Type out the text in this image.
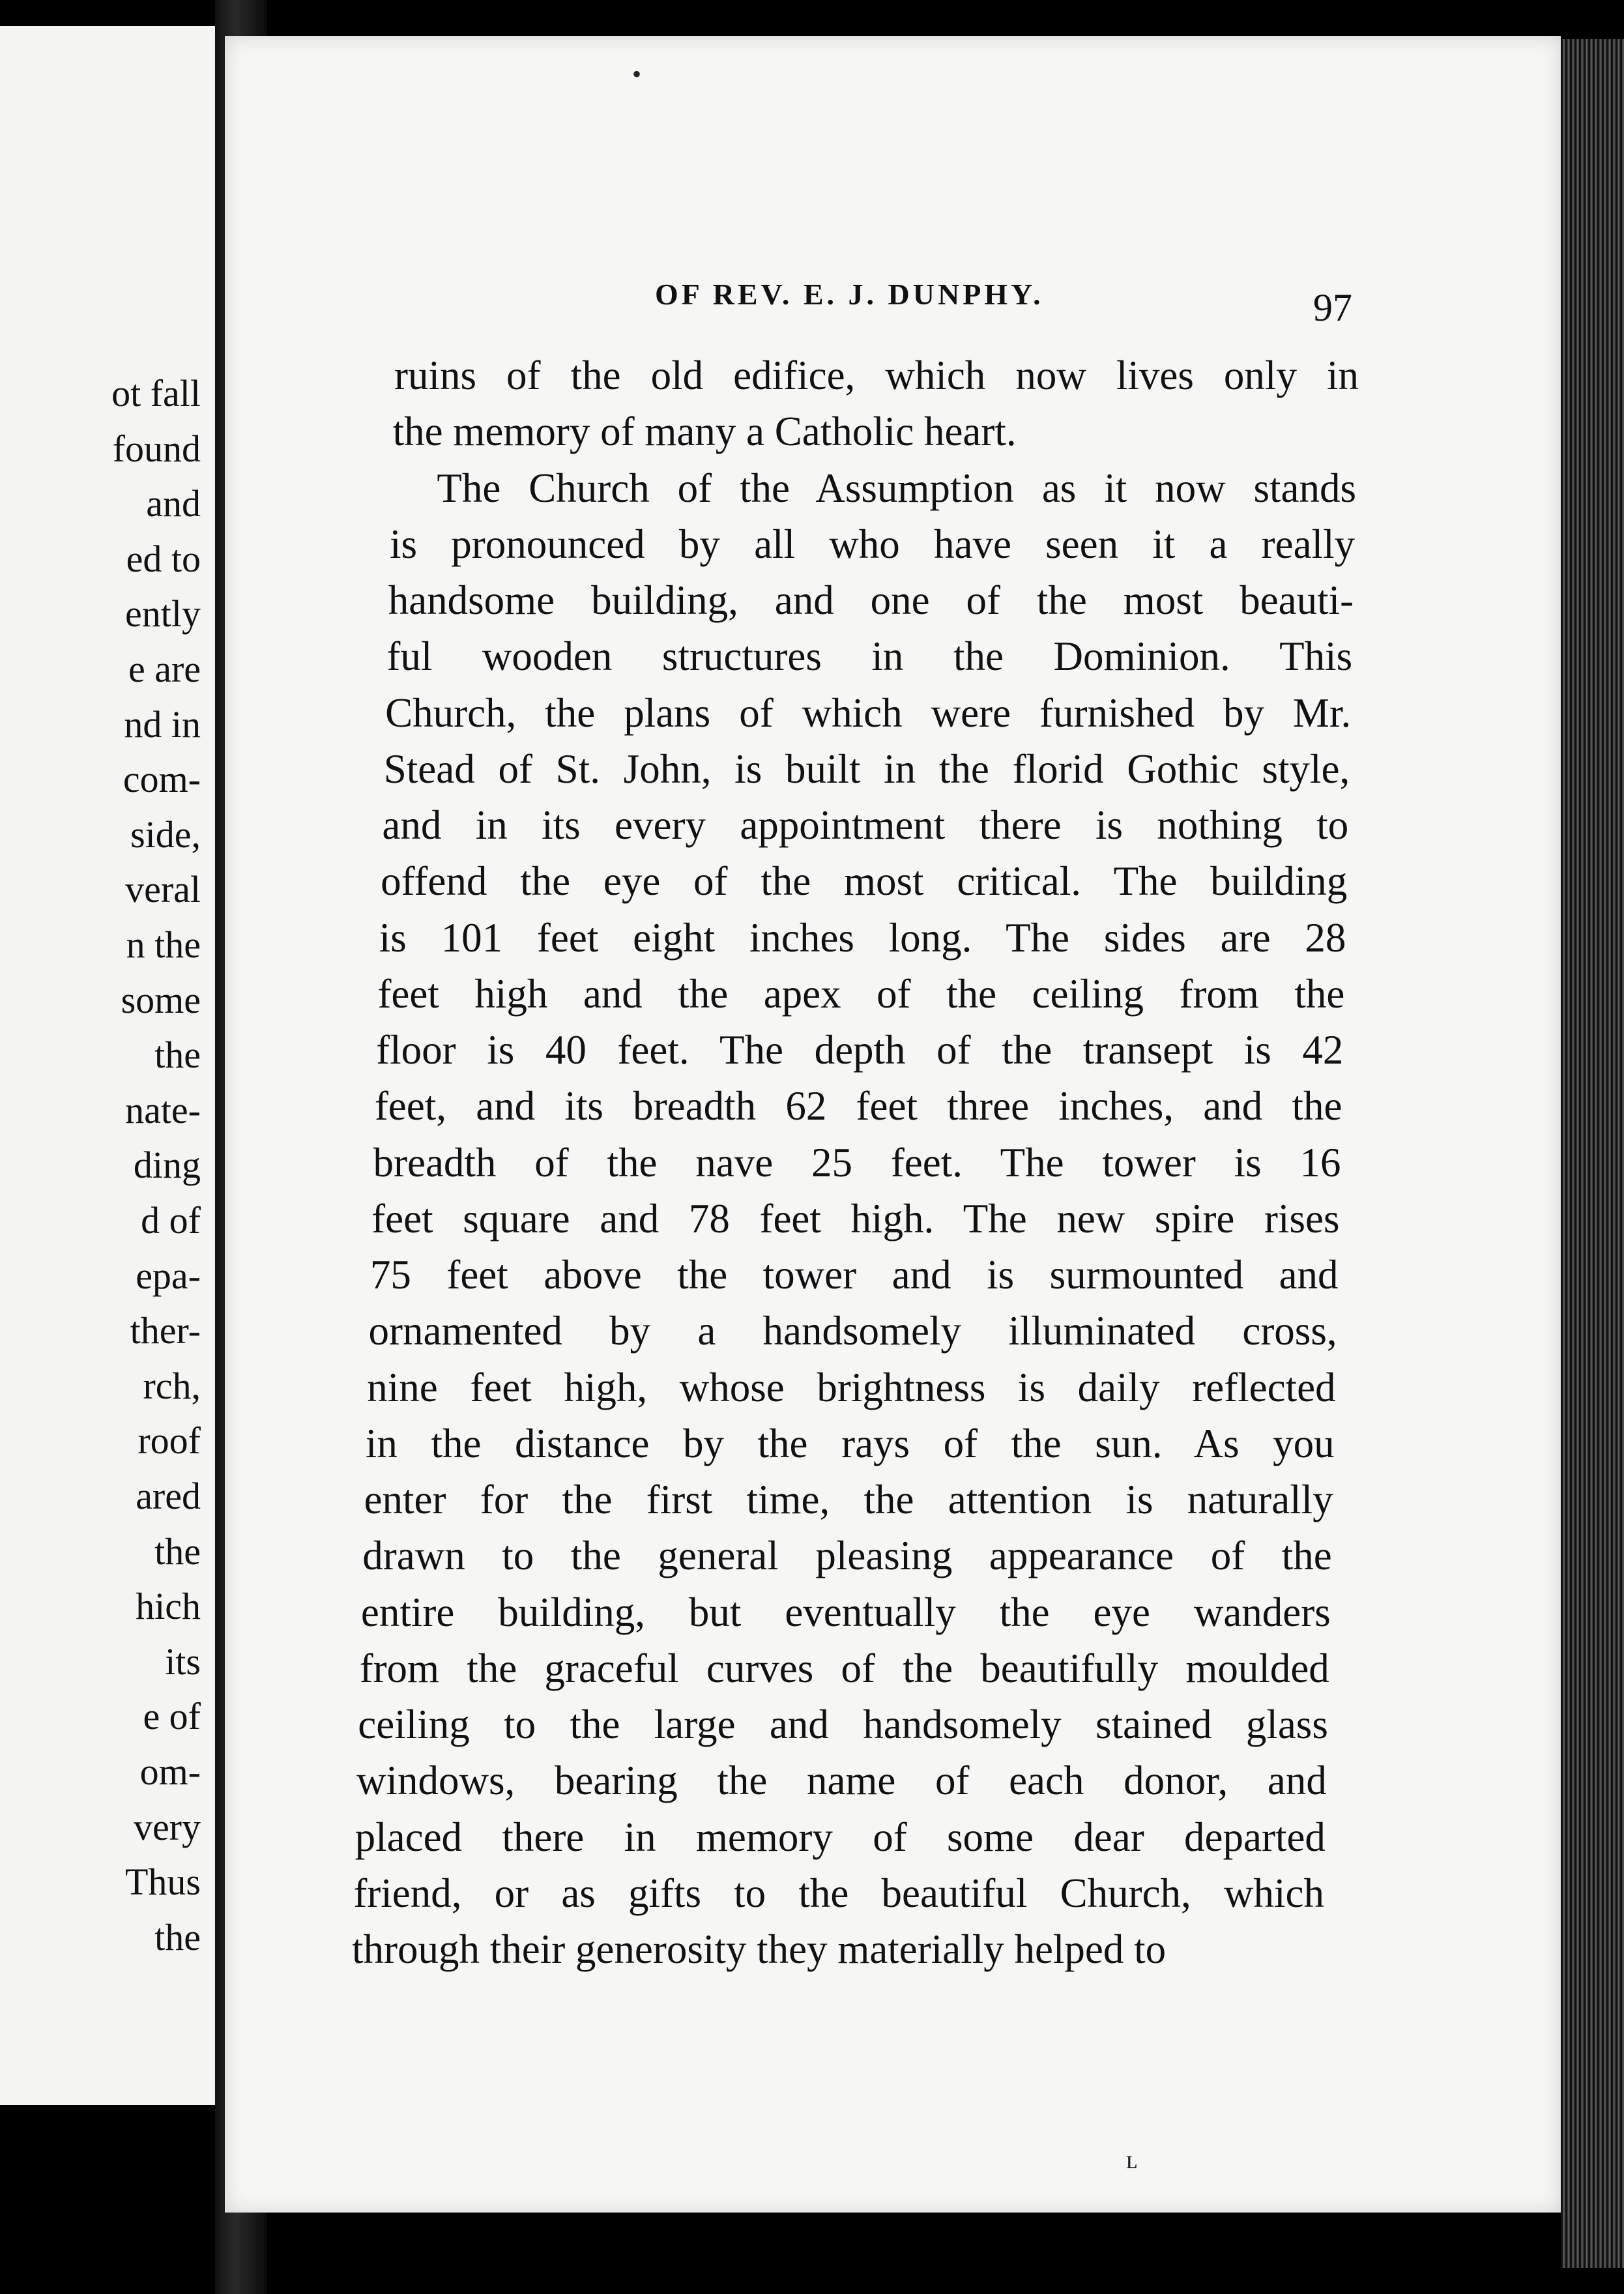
ot fall
found
and
ed to
ently
e are
nd in
com-
side,
veral
n the
some
the
nate-
ding
d of
epa-
ther-
rch,
roof
ared
the
hich
its
e of
om-
very
Thus
the
OF REV. E. J. DUNPHY.	97
ruins of the old edifice, which now lives only in
the memory of many a Catholic heart.
The Church of the Assumption as it now stands
is pronounced by all who have seen it a really
handsome building, and one of the most beauti-
ful wooden structures in the Dominion. This
Church, the plans of which were furnished by Mr.
Stead of St. John, is built in the florid Gothic style,
and in its every appointment there is nothing to
offend the eye of the most critical. The building
is 101 feet eight inches long. The sides are 28
feet high and the apex of the ceiling from the
floor is 40 feet. The depth of the transept is 42
feet, and its breadth 62 feet three inches, and the
breadth of the nave 25 feet. The tower is 16
feet square and 78 feet high. The new spire rises
75 feet above the tower and is surmounted and
ornamented by a handsomely illuminated cross,
nine feet high, whose brightness is daily reflected
in the distance by the rays of the sun. As you
enter for the first time, the attention is naturally
drawn to the general pleasing appearance of the
entire building, but eventually the eye wanders
from the graceful curves of the beautifully moulded
ceiling to the large and handsomely stained glass
windows, bearing the name of each donor, and
placed there in memory of some dear departed
friend, or as gifts to the beautiful Church, which
through their generosity they materially helped to
•
ʟ
